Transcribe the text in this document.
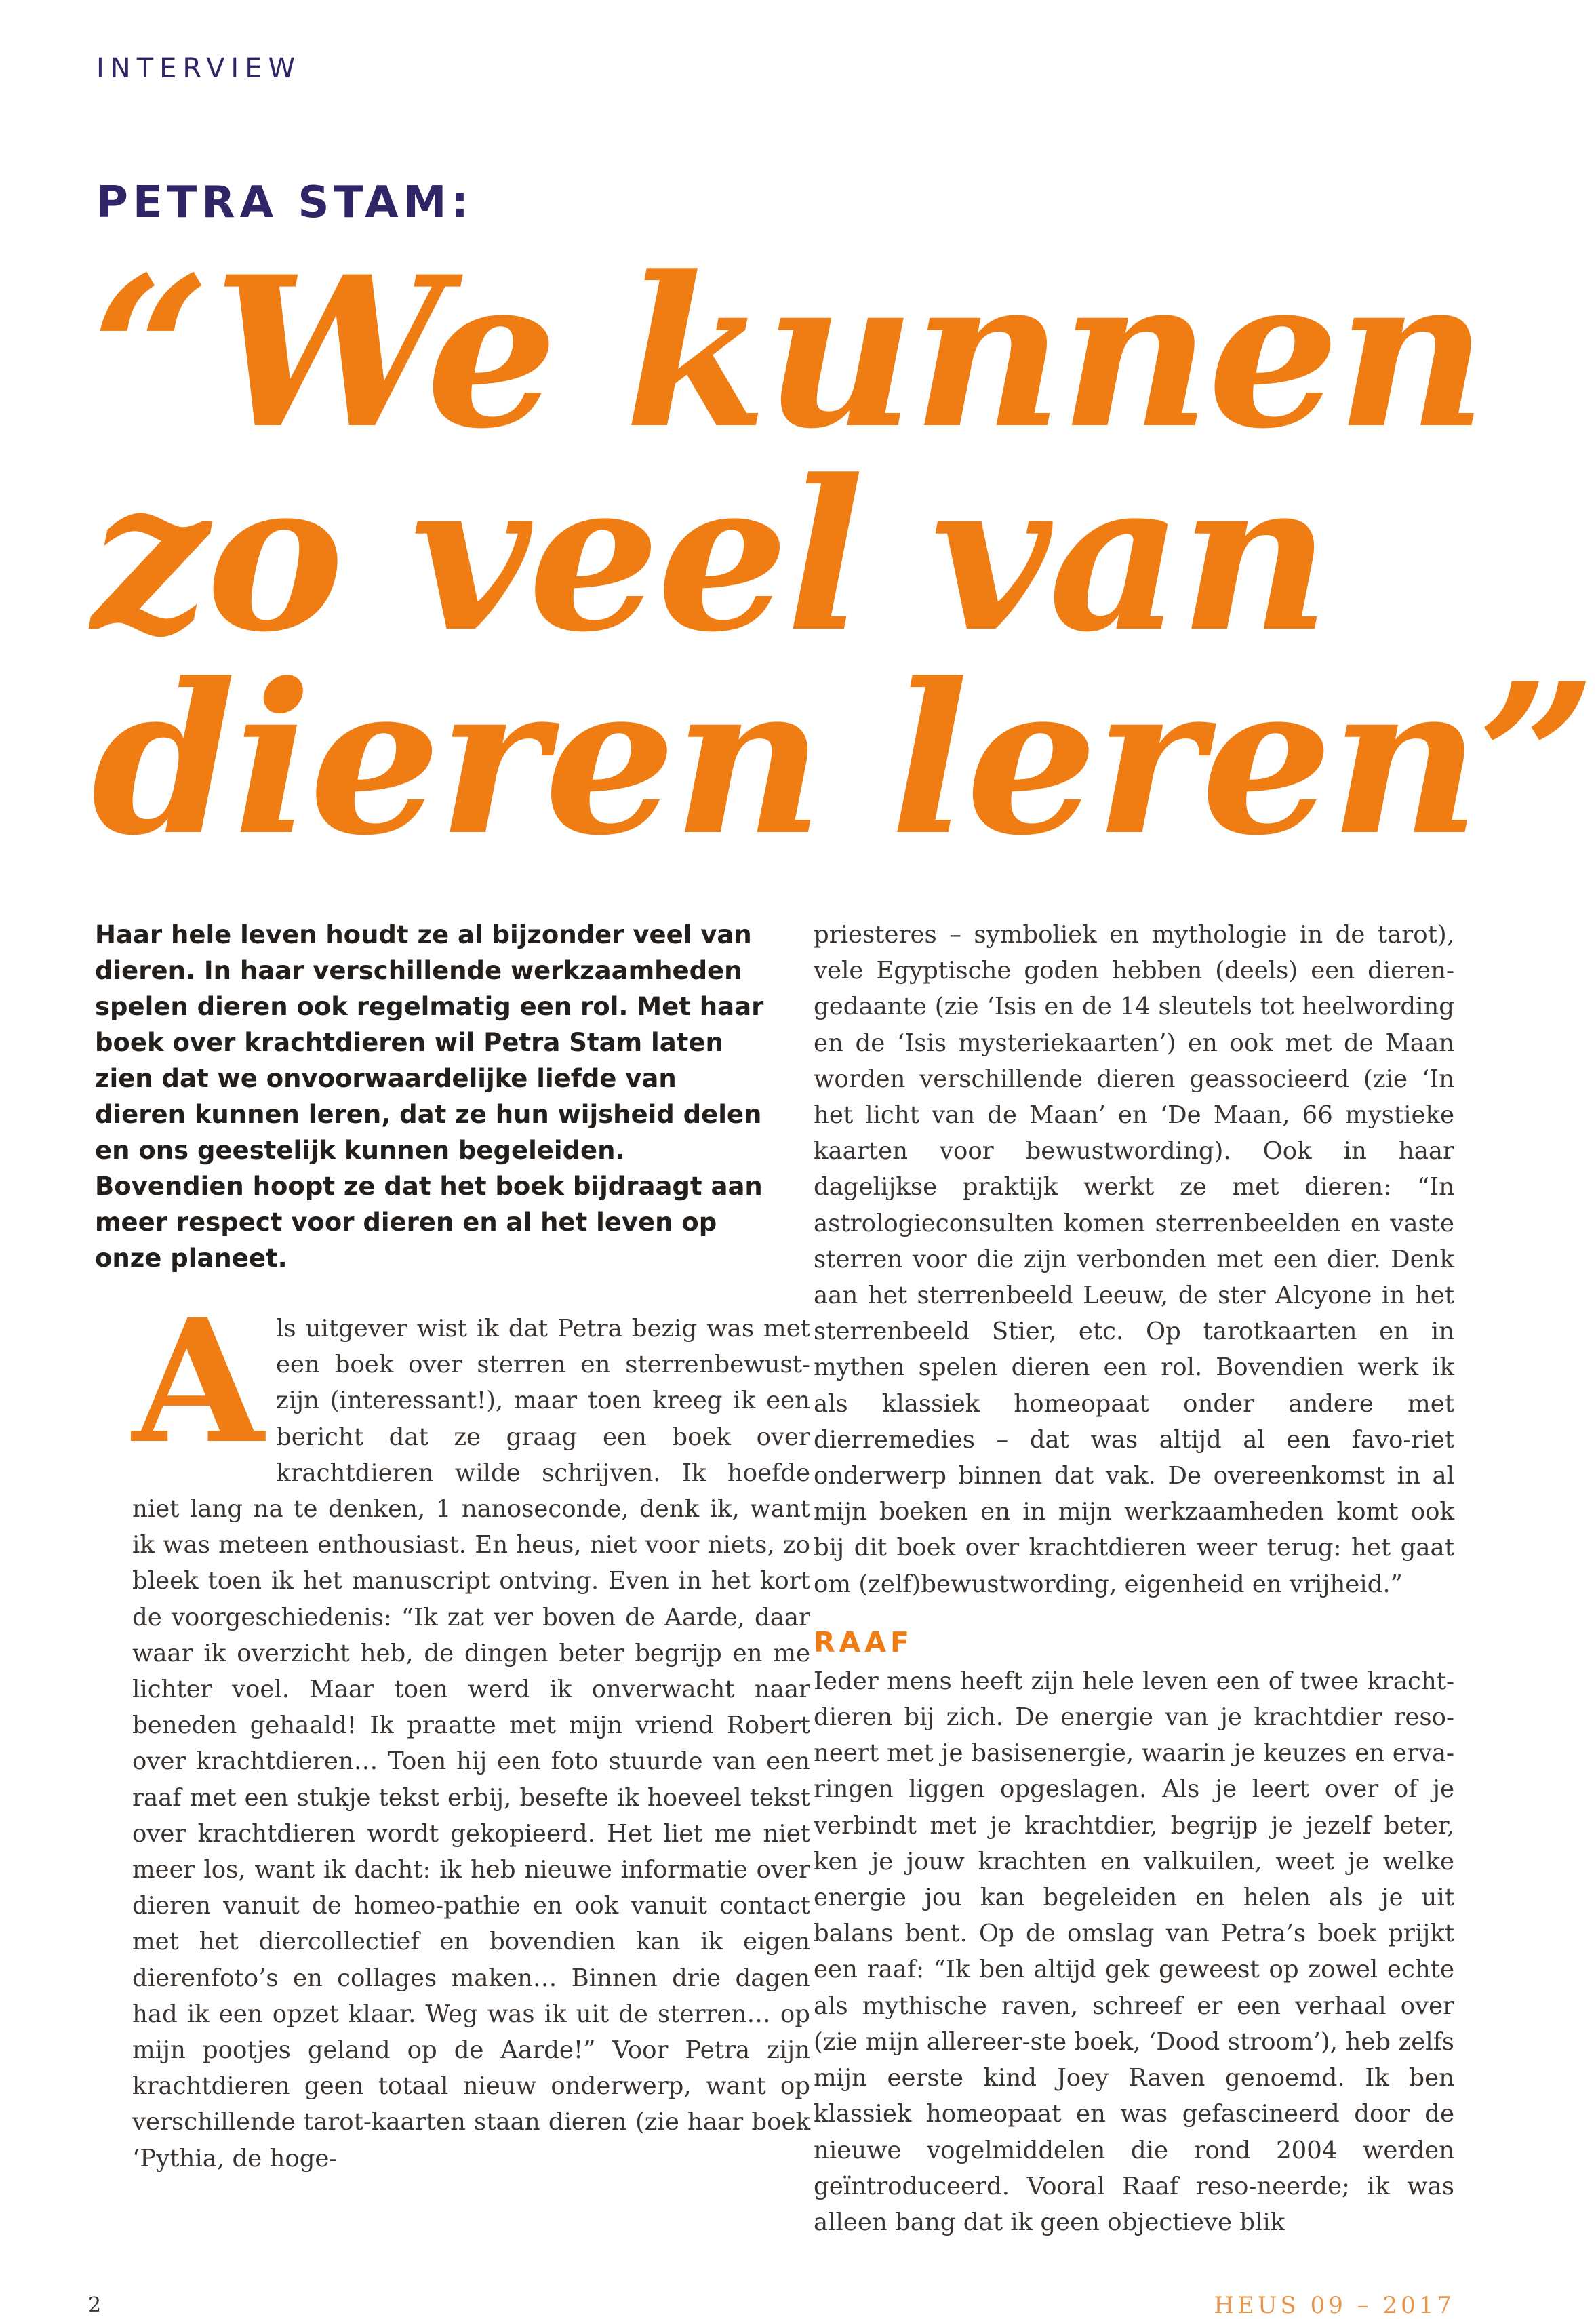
INTERVIEW
PETRA STAM:
“We kunnen
zo veel van
dieren leren”

Haar hele leven houdt ze al bijzonder veel van dieren. In haar verschillende werkzaamheden spelen dieren ook regelmatig een rol. Met haar boek over krachtdieren wil Petra Stam laten zien dat we onvoorwaardelijke liefde van dieren kunnen leren, dat ze hun wijsheid delen en ons geestelijk kunnen begeleiden. Bovendien hoopt ze dat het boek bijdraagt aan meer respect voor dieren en al het leven op onze planeet.

Als uitgever wist ik dat Petra bezig was met een boek over sterren en sterrenbewust-zijn (interessant!), maar toen kreeg ik een bericht dat ze graag een boek over krachtdieren wilde schrijven. Ik hoefde niet lang na te denken, 1 nanoseconde, denk ik, want ik was meteen enthousiast. En heus, niet voor niets, zo bleek toen ik het manuscript ontving. Even in het kort de voorgeschiedenis: “Ik zat ver boven de Aarde, daar waar ik overzicht heb, de dingen beter begrijp en me lichter voel. Maar toen werd ik onverwacht naar beneden gehaald! Ik praatte met mijn vriend Robert over krachtdieren… Toen hij een foto stuurde van een raaf met een stukje tekst erbij, besefte ik hoeveel tekst over krachtdieren wordt gekopieerd. Het liet me niet meer los, want ik dacht: ik heb nieuwe informatie over dieren vanuit de homeo-pathie en ook vanuit contact met het diercollectief en bovendien kan ik eigen dierenfoto’s en collages maken… Binnen drie dagen had ik een opzet klaar. Weg was ik uit de sterren… op mijn pootjes geland op de Aarde!” Voor Petra zijn krachtdieren geen totaal nieuw onderwerp, want op verschillende tarot-kaarten staan dieren (zie haar boek ‘Pythia, de hoge-

priesteres – symboliek en mythologie in de tarot), vele Egyptische goden hebben (deels) een dieren-gedaante (zie ‘Isis en de 14 sleutels tot heelwording en de ‘Isis mysteriekaarten’) en ook met de Maan worden verschillende dieren geassocieerd (zie ‘In het licht van de Maan’ en ‘De Maan, 66 mystieke kaarten voor bewustwording). Ook in haar dagelijkse praktijk werkt ze met dieren: “In astrologieconsulten komen sterrenbeelden en vaste sterren voor die zijn verbonden met een dier. Denk aan het sterrenbeeld Leeuw, de ster Alcyone in het sterrenbeeld Stier, etc. Op tarotkaarten en in mythen spelen dieren een rol. Bovendien werk ik als klassiek homeopaat onder andere met dierremedies – dat was altijd al een favo-riet onderwerp binnen dat vak. De overeenkomst in al mijn boeken en in mijn werkzaamheden komt ook bij dit boek over krachtdieren weer terug: het gaat om (zelf)bewustwording, eigenheid en vrijheid.”

RAAF

Ieder mens heeft zijn hele leven een of twee kracht-dieren bij zich. De energie van je krachtdier reso-neert met je basisenergie, waarin je keuzes en erva-ringen liggen opgeslagen. Als je leert over of je verbindt met je krachtdier, begrijp je jezelf beter, ken je jouw krachten en valkuilen, weet je welke energie jou kan begeleiden en helen als je uit balans bent. Op de omslag van Petra’s boek prijkt een raaf: “Ik ben altijd gek geweest op zowel echte als mythische raven, schreef er een verhaal over (zie mijn allereer-ste boek, ‘Dood stroom’), heb zelfs mijn eerste kind Joey Raven genoemd. Ik ben klassiek homeopaat en was gefascineerd door de nieuwe vogelmiddelen die rond 2004 werden geïntroduceerd. Vooral Raaf reso-neerde; ik was alleen bang dat ik geen objectieve blik

2	HEUS 09 – 2017
